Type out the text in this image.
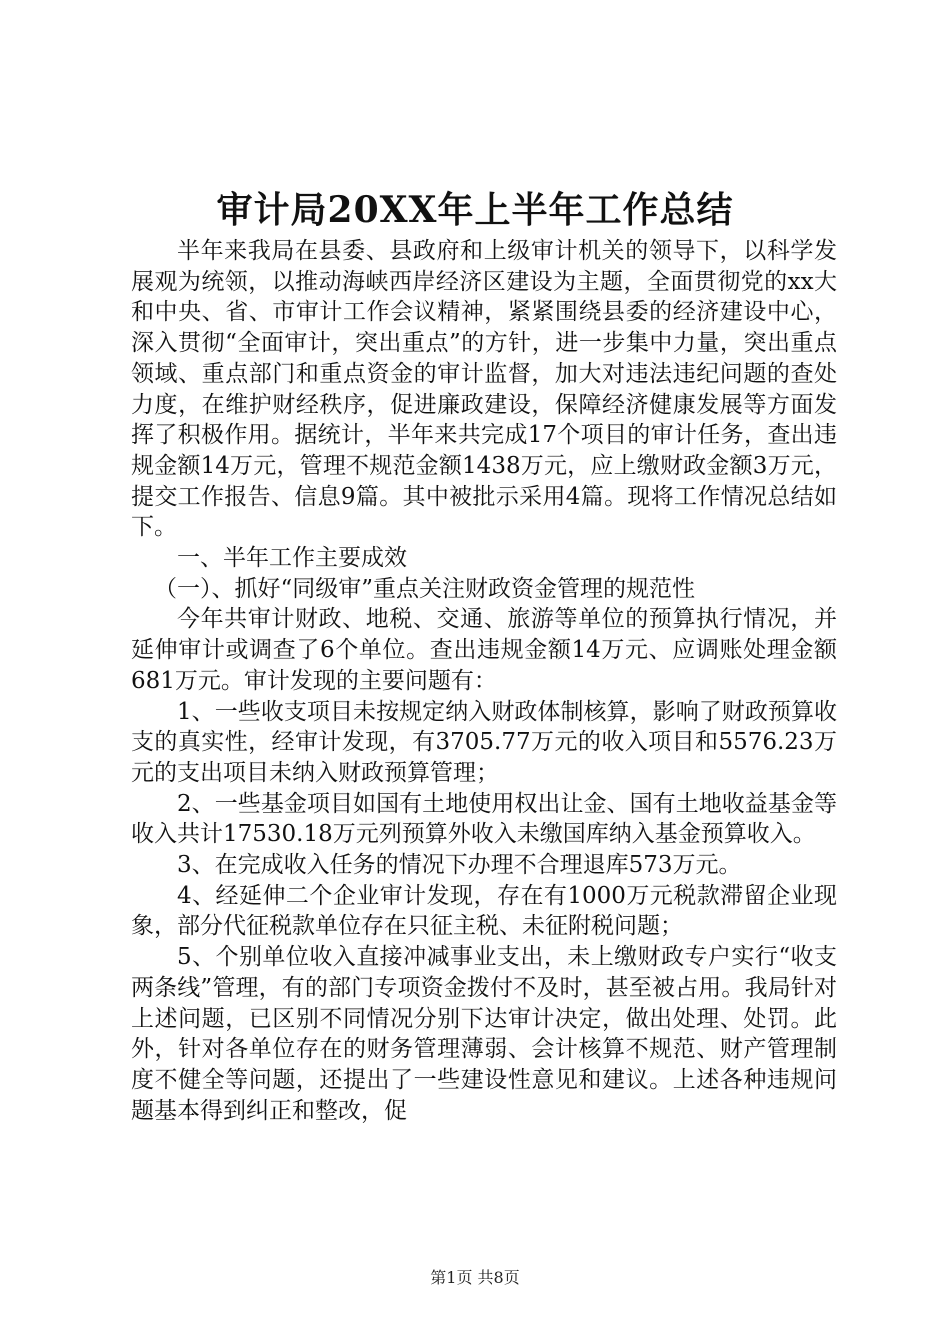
审计局20XX年上半年工作总结

半年来我局在县委、县政府和上级审计机关的领导下，以科学发展观为统领，以推动海峡西岸经济区建设为主题，全面贯彻党的xx大和中央、省、市审计工作会议精神，紧紧围绕县委的经济建设中心，深入贯彻“全面审计，突出重点”的方针，进一步集中力量，突出重点领域、重点部门和重点资金的审计监督，加大对违法违纪问题的查处力度，在维护财经秩序，促进廉政建设，保障经济健康发展等方面发挥了积极作用。据统计，半年来共完成17个项目的审计任务，查出违规金额14万元，管理不规范金额1438万元，应上缴财政金额3万元，提交工作报告、信息9篇。其中被批示采用4篇。现将工作情况总结如下。

一、半年工作主要成效

（一）、抓好“同级审”重点关注财政资金管理的规范性

今年共审计财政、地税、交通、旅游等单位的预算执行情况，并延伸审计或调查了6个单位。查出违规金额14万元、应调账处理金额681万元。审计发现的主要问题有：

1、一些收支项目未按规定纳入财政体制核算，影响了财政预算收支的真实性，经审计发现，有3705.77万元的收入项目和5576.23万元的支出项目未纳入财政预算管理；

2、一些基金项目如国有土地使用权出让金、国有土地收益基金等收入共计17530.18万元列预算外收入未缴国库纳入基金预算收入。

3、在完成收入任务的情况下办理不合理退库573万元。

4、经延伸二个企业审计发现，存在有1000万元税款滞留企业现象，部分代征税款单位存在只征主税、未征附税问题；

5、个别单位收入直接冲减事业支出，未上缴财政专户实行“收支两条线”管理，有的部门专项资金拨付不及时，甚至被占用。我局针对上述问题，已区别不同情况分别下达审计决定，做出处理、处罚。此外，针对各单位存在的财务管理薄弱、会计核算不规范、财产管理制度不健全等问题，还提出了一些建设性意见和建议。上述各种违规问题基本得到纠正和整改，促

第1页 共8页
